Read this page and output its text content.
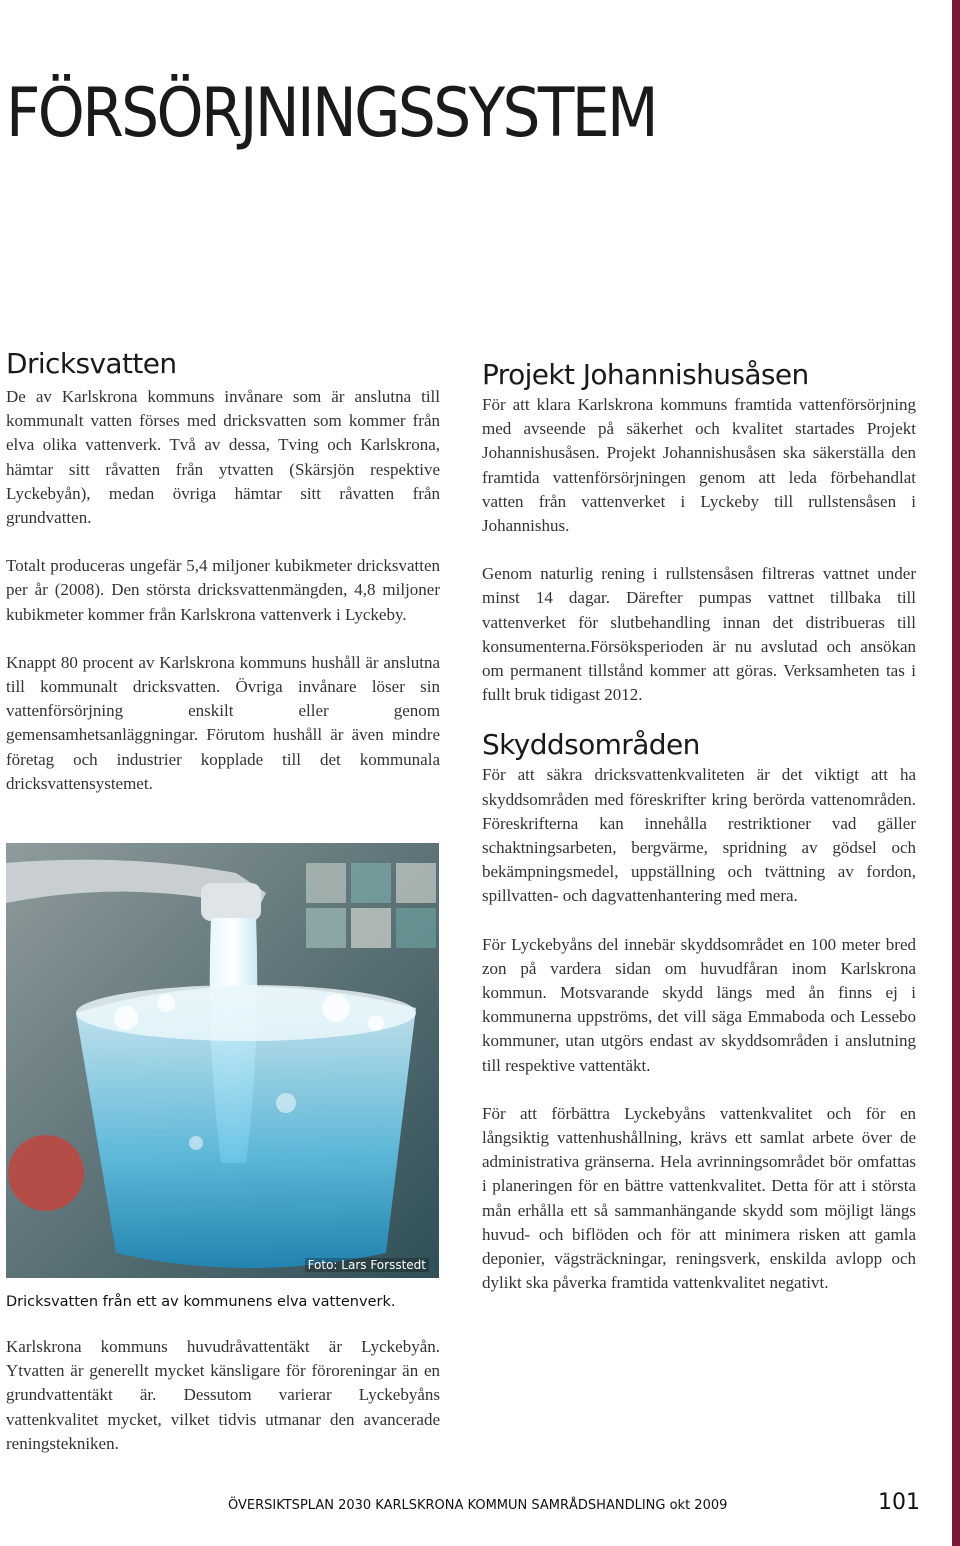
FÖRSÖRJNINGSSYSTEM
Dricksvatten

De av Karlskrona kommuns invånare som är anslutna till kommunalt vatten förses med dricksvatten som kommer från elva olika vattenverk. Två av dessa, Tving och Karlskrona, hämtar sitt råvatten från ytvatten (Skärsjön respektive Lyckebyån), medan övriga hämtar sitt råvatten från grundvatten.

Totalt produceras ungefär 5,4 miljoner kubikmeter dricksvatten per år (2008). Den största dricksvattenmängden, 4,8 miljoner kubikmeter kommer från Karlskrona vattenverk i Lyckeby.

Knappt 80 procent av Karlskrona kommuns hushåll är anslutna till kommunalt dricksvatten. Övriga invånare löser sin vattenförsörjning enskilt eller genom gemensamhetsanläggningar. Förutom hushåll är även mindre företag och industrier kopplade till det kommunala dricksvattensystemet.

Foto: Lars Forsstedt

Dricksvatten från ett av kommunens elva vattenverk.

Karlskrona kommuns huvudråvattentäkt är Lyckebyån. Ytvatten är generellt mycket känsligare för föroreningar än en grundvattentäkt är. Dessutom varierar Lyckebyåns vattenkvalitet mycket, vilket tidvis utmanar den avancerade reningstekniken.

Projekt Johannishusåsen

För att klara Karlskrona kommuns framtida vattenförsörjning med avseende på säkerhet och kvalitet startades Projekt Johannishusåsen. Projekt Johannishusåsen ska säkerställa den framtida vattenförsörjningen genom att leda förbehandlat vatten från vattenverket i Lyckeby till rullstensåsen i Johannishus.

Genom naturlig rening i rullstensåsen filtreras vattnet under minst 14 dagar. Därefter pumpas vattnet tillbaka till vattenverket för slutbehandling innan det distribueras till konsumenterna.Försöksperioden är nu avslutad och ansökan om permanent tillstånd kommer att göras. Verksamheten tas i fullt bruk tidigast 2012.

Skyddsområden

För att säkra dricksvattenkvaliteten är det viktigt att ha skyddsområden med föreskrifter kring berörda vattenområden. Föreskrifterna kan innehålla restriktioner vad gäller schaktningsarbeten, bergvärme, spridning av gödsel och bekämpningsmedel, uppställning och tvättning av fordon, spillvatten- och dagvattenhantering med mera.

För Lyckebyåns del innebär skyddsområdet en 100 meter bred zon på vardera sidan om huvudfåran inom Karlskrona kommun. Motsvarande skydd längs med ån finns ej i kommunerna uppströms, det vill säga Emmaboda och Lessebo kommuner, utan utgörs endast av skyddsområden i anslutning till respektive vattentäkt.

För att förbättra Lyckebyåns vattenkvalitet och för en långsiktig vattenhushållning, krävs ett samlat arbete över de administrativa gränserna. Hela avrinningsområdet bör omfattas i planeringen för en bättre vattenkvalitet. Detta för att i största mån erhålla ett så sammanhängande skydd som möjligt längs huvud- och biflöden och för att minimera risken att gamla deponier, vägsträckningar, reningsverk, enskilda avlopp och dylikt ska påverka framtida vattenkvalitet negativt.

ÖVERSIKTSPLAN 2030 KARLSKRONA KOMMUN SAMRÅDSHANDLING okt 2009	101
